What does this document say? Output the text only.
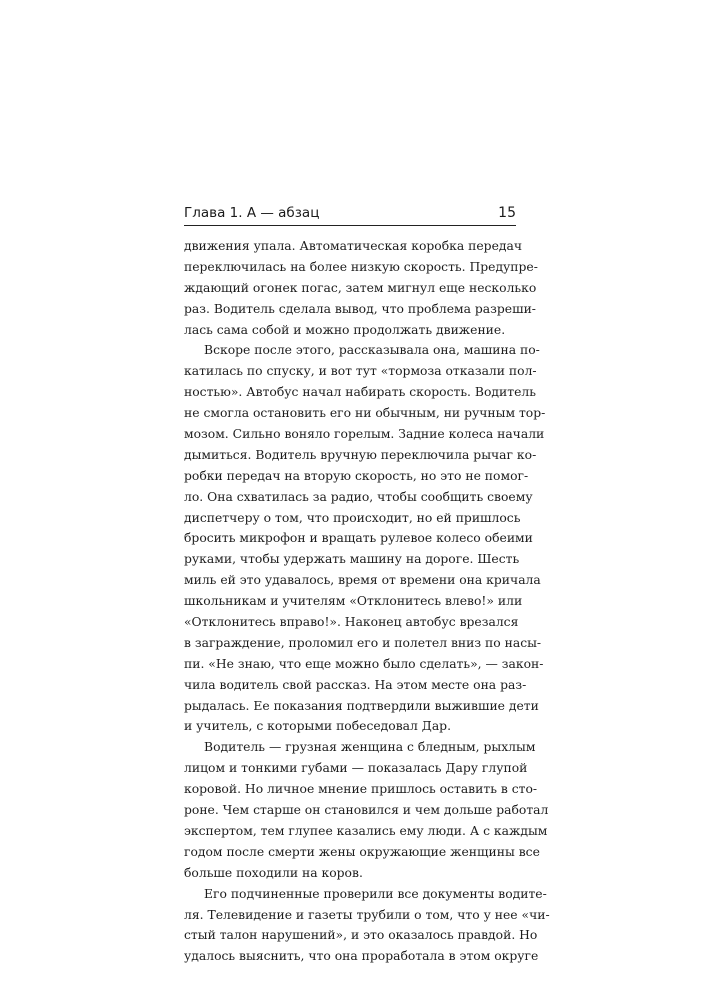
Глава 1. А — абзац	15
движения упала. Автоматическая коробка передач
переключилась на более низкую скорость. Предупре-
ждающий огонек погас, затем мигнул еще несколько
раз. Водитель сделала вывод, что проблема разреши-
лась сама собой и можно продолжать движение.
Вскоре после этого, рассказывала она, машина по-
катилась по спуску, и вот тут «тормоза отказали пол-
ностью». Автобус начал набирать скорость. Водитель
не смогла остановить его ни обычным, ни ручным тор-
мозом. Сильно воняло горелым. Задние колеса начали
дымиться. Водитель вручную переключила рычаг ко-
робки передач на вторую скорость, но это не помог-
ло. Она схватилась за радио, чтобы сообщить своему
диспетчеру о том, что происходит, но ей пришлось
бросить микрофон и вращать рулевое колесо обеими
руками, чтобы удержать машину на дороге. Шесть
миль ей это удавалось, время от времени она кричала
школьникам и учителям «Отклонитесь влево!» или
«Отклонитесь вправо!». Наконец автобус врезался
в заграждение, проломил его и полетел вниз по насы-
пи. «Не знаю, что еще можно было сделать», — закон-
чила водитель свой рассказ. На этом месте она раз-
рыдалась. Ее показания подтвердили выжившие дети
и учитель, с которыми побеседовал Дар.
Водитель — грузная женщина с бледным, рыхлым
лицом и тонкими губами — показалась Дару глупой
коровой. Но личное мнение пришлось оставить в сто-
роне. Чем старше он становился и чем дольше работал
экспертом, тем глупее казались ему люди. А с каждым
годом после смерти жены окружающие женщины все
больше походили на коров.
Его подчиненные проверили все документы водите-
ля. Телевидение и газеты трубили о том, что у нее «чи-
стый талон нарушений», и это оказалось правдой. Но
удалось выяснить, что она проработала в этом округе
